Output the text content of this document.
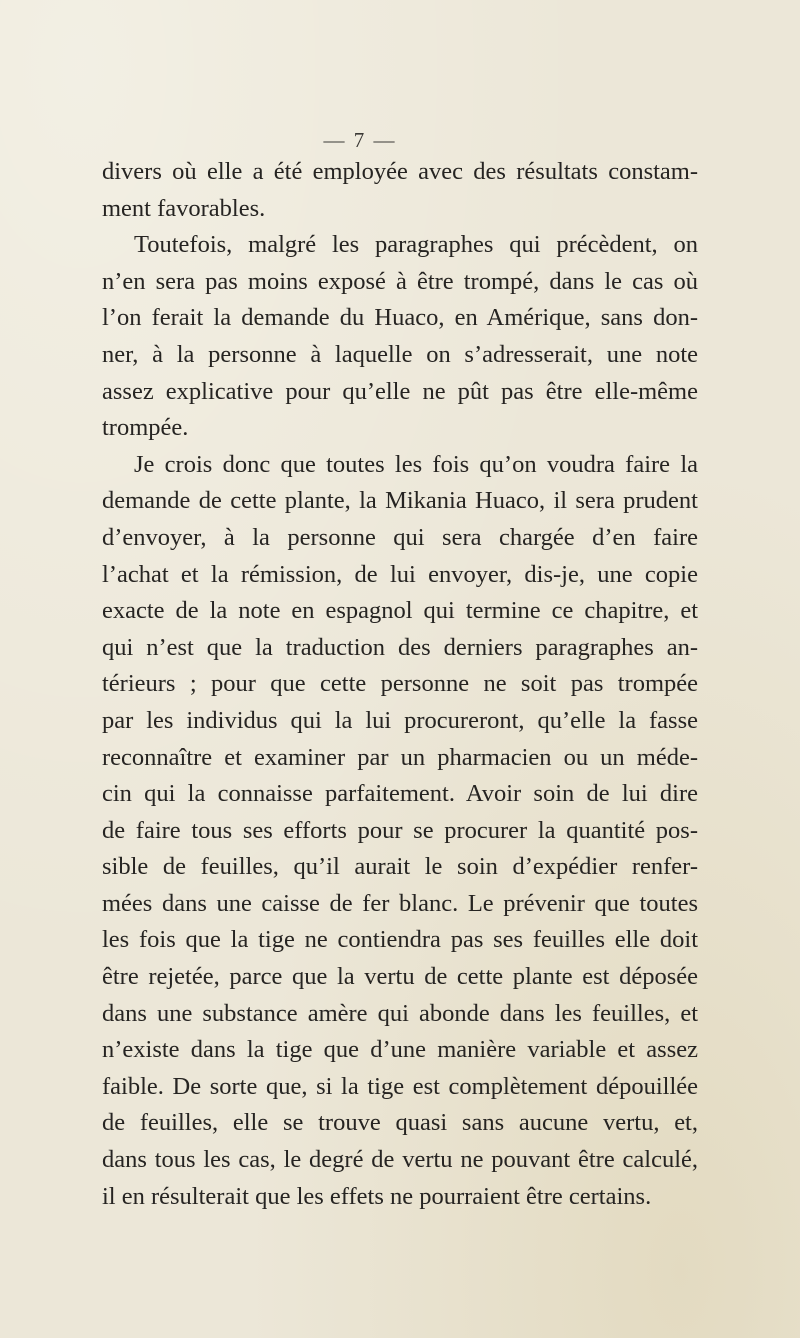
— 7 —
divers où elle a été employée avec des résultats constam-
ment favorables.
Toutefois, malgré les paragraphes qui précèdent, on
n’en sera pas moins exposé à être trompé, dans le cas où
l’on ferait la demande du Huaco, en Amérique, sans don-
ner, à la personne à laquelle on s’adresserait, une note
assez explicative pour qu’elle ne pût pas être elle-même
trompée.
Je crois donc que toutes les fois qu’on voudra faire la
demande de cette plante, la Mikania Huaco, il sera prudent
d’envoyer, à la personne qui sera chargée d’en faire
l’achat et la rémission, de lui envoyer, dis-je, une copie
exacte de la note en espagnol qui termine ce chapitre, et
qui n’est que la traduction des derniers paragraphes an-
térieurs ; pour que cette personne ne soit pas trompée
par les individus qui la lui procureront, qu’elle la fasse
reconnaître et examiner par un pharmacien ou un méde-
cin qui la connaisse parfaitement. Avoir soin de lui dire
de faire tous ses efforts pour se procurer la quantité pos-
sible de feuilles, qu’il aurait le soin d’expédier renfer-
mées dans une caisse de fer blanc. Le prévenir que toutes
les fois que la tige ne contiendra pas ses feuilles elle doit
être rejetée, parce que la vertu de cette plante est déposée
dans une substance amère qui abonde dans les feuilles, et
n’existe dans la tige que d’une manière variable et assez
faible. De sorte que, si la tige est complètement dépouillée
de feuilles, elle se trouve quasi sans aucune vertu, et,
dans tous les cas, le degré de vertu ne pouvant être calculé,
il en résulterait que les effets ne pourraient être certains.
